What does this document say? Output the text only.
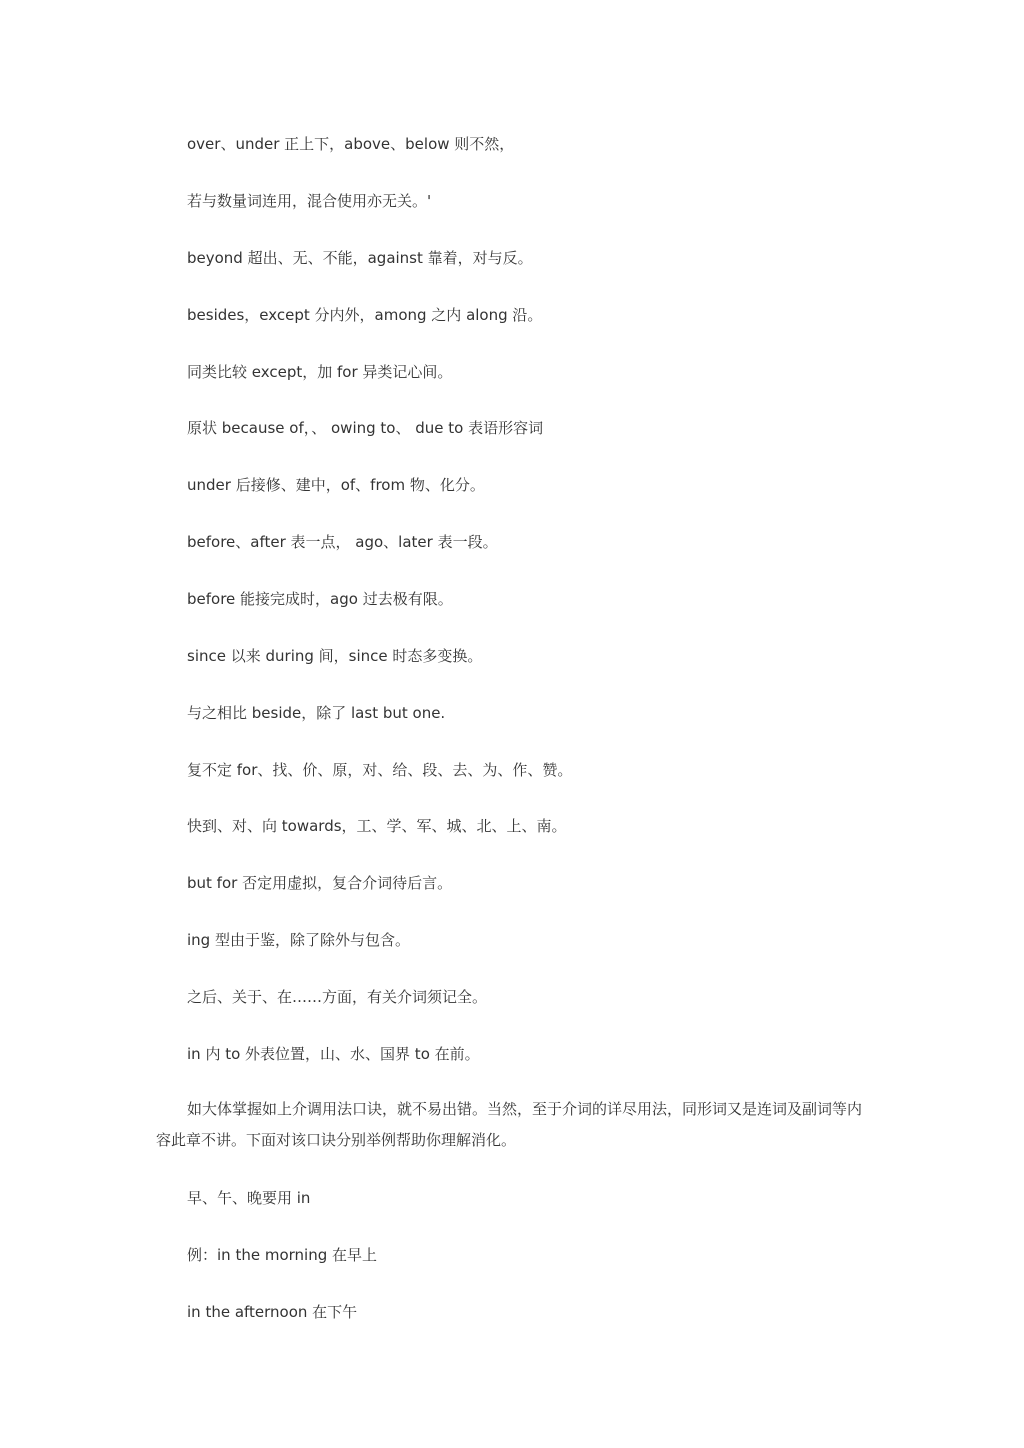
over、under 正上下，above、below 则不然，
若与数量词连用，混合使用亦无关。'
beyond 超出、无、不能，against 靠着，对与反。
besides，except 分内外，among 之内 along 沿。
同类比较 except，加 for 异类记心间。
原状 because of，、 owing to、 due to 表语形容词
under 后接修、建中，of、from 物、化分。
before、after 表一点， ago、later 表一段。
before 能接完成时，ago 过去极有限。
since 以来 during 间，since 时态多变换。
与之相比 beside，除了 last but one.
复不定 for、找、价、原，对、给、段、去、为、作、赞。
快到、对、向 towards，工、学、军、城、北、上、南。
but for 否定用虚拟，复合介词待后言。
ing 型由于鉴，除了除外与包含。
之后、关于、在……方面，有关介词须记全。
in 内 to 外表位置，山、水、国界 to 在前。
如大体掌握如上介调用法口诀，就不易出错。当然，至于介词的详尽用法，同形词又是连词及副词等内容此章不讲。下面对该口诀分别举例帮助你理解消化。
早、午、晚要用 in
例：in the morning 在早上
in the afternoon 在下午
